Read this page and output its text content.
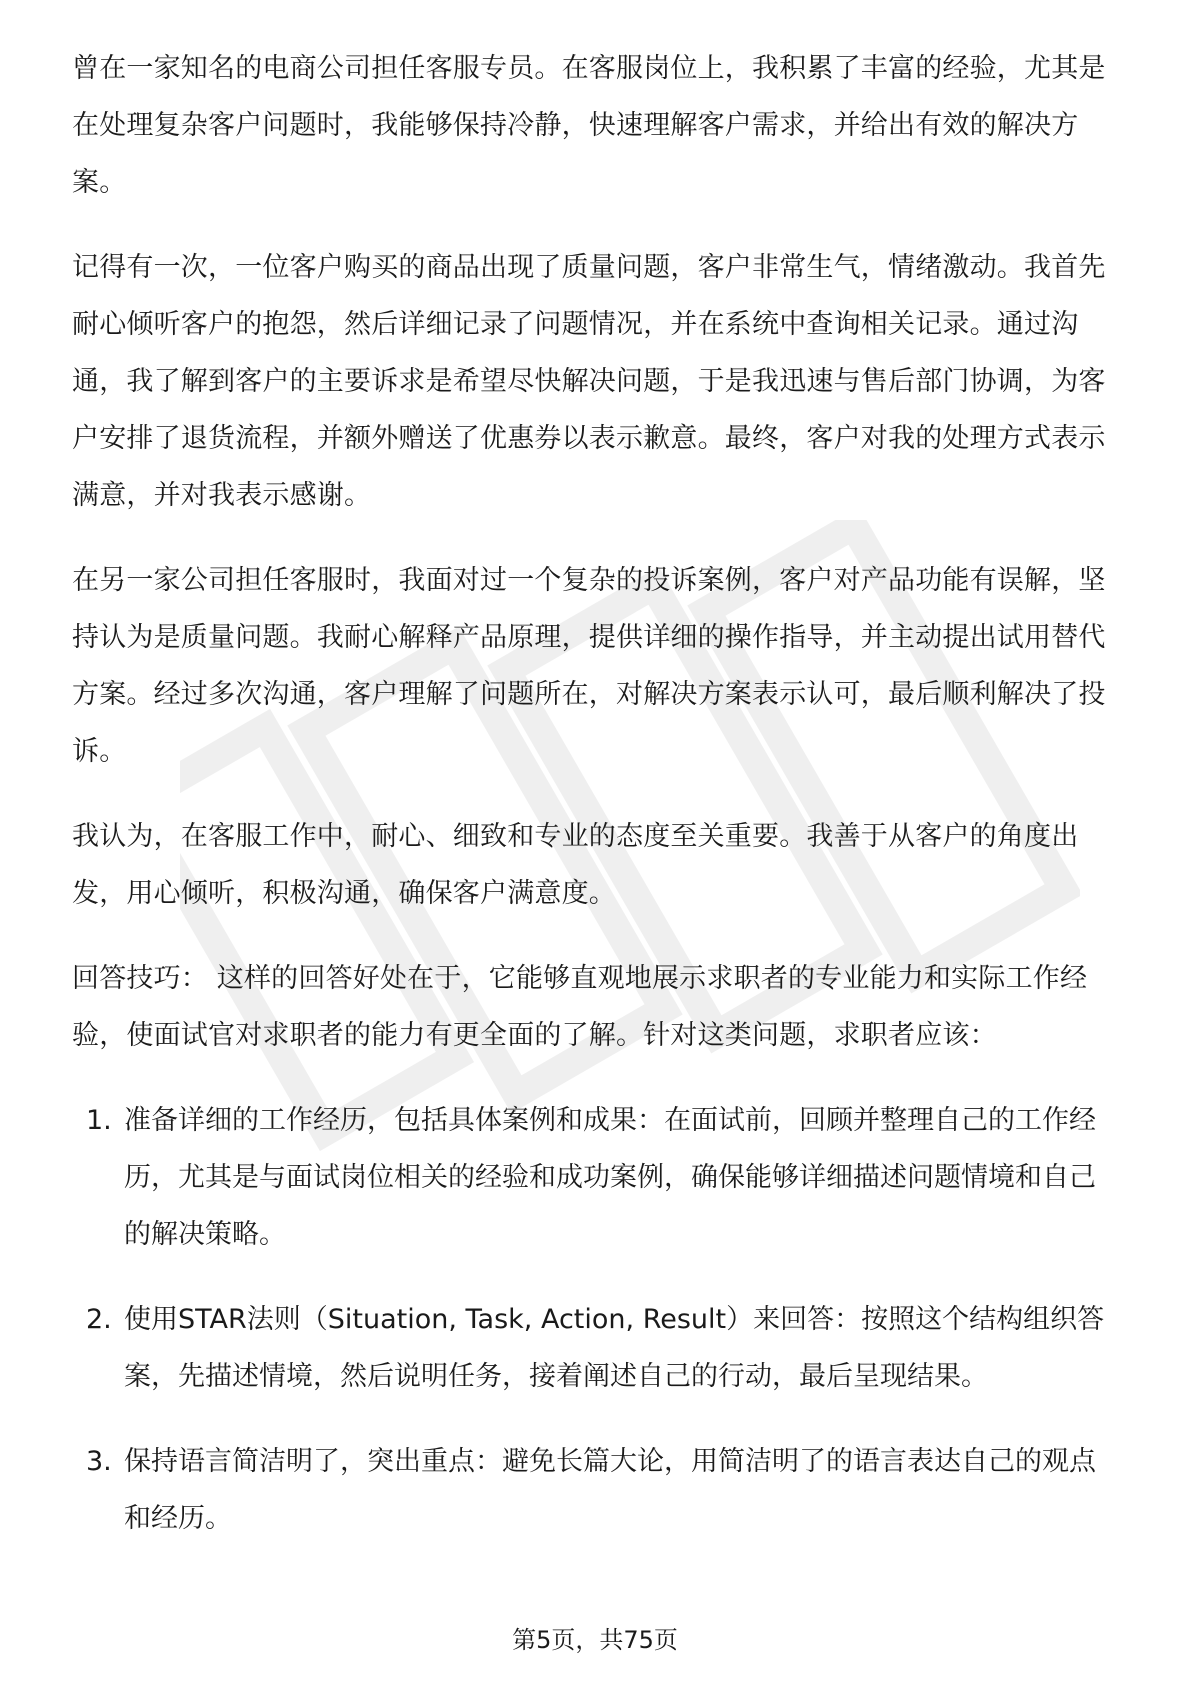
曾在一家知名的电商公司担任客服专员。在客服岗位上，我积累了丰富的经验，尤其是在处理复杂客户问题时，我能够保持冷静，快速理解客户需求，并给出有效的解决方案。

记得有一次，一位客户购买的商品出现了质量问题，客户非常生气，情绪激动。我首先耐心倾听客户的抱怨，然后详细记录了问题情况，并在系统中查询相关记录。通过沟通，我了解到客户的主要诉求是希望尽快解决问题，于是我迅速与售后部门协调，为客户安排了退货流程，并额外赠送了优惠券以表示歉意。最终，客户对我的处理方式表示满意，并对我表示感谢。

在另一家公司担任客服时，我面对过一个复杂的投诉案例，客户对产品功能有误解，坚持认为是质量问题。我耐心解释产品原理，提供详细的操作指导，并主动提出试用替代方案。经过多次沟通，客户理解了问题所在，对解决方案表示认可，最后顺利解决了投诉。

我认为，在客服工作中，耐心、细致和专业的态度至关重要。我善于从客户的角度出发，用心倾听，积极沟通，确保客户满意度。

回答技巧： 这样的回答好处在于，它能够直观地展示求职者的专业能力和实际工作经验，使面试官对求职者的能力有更全面的了解。针对这类问题，求职者应该：

1. 准备详细的工作经历，包括具体案例和成果：在面试前，回顾并整理自己的工作经历，尤其是与面试岗位相关的经验和成功案例，确保能够详细描述问题情境和自己的解决策略。
2. 使用STAR法则（Situation, Task, Action, Result）来回答：按照这个结构组织答案，先描述情境，然后说明任务，接着阐述自己的行动，最后呈现结果。
3. 保持语言简洁明了，突出重点：避免长篇大论，用简洁明了的语言表达自己的观点和经历。
第5页，共75页
